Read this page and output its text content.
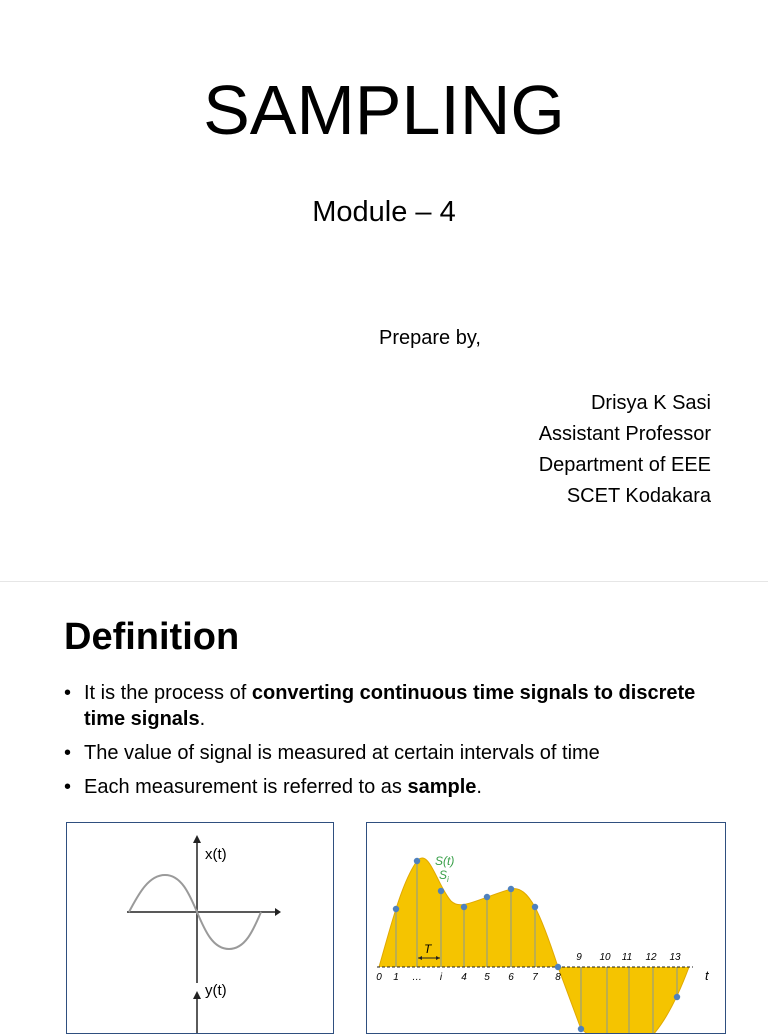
SAMPLING
Module – 4
Prepare by,
Drisya K Sasi
Assistant Professor
Department of EEE
SCET Kodakara
Definition
• It is the process of converting continuous time signals to discrete time signals.
• The value of signal is measured at certain intervals of time
• Each measurement is referred to as sample.
x(t)
y(t)
0 1 … i 4 5 6 7 8
9 10 11 12 13
S(t)
$S_i$
T
t
